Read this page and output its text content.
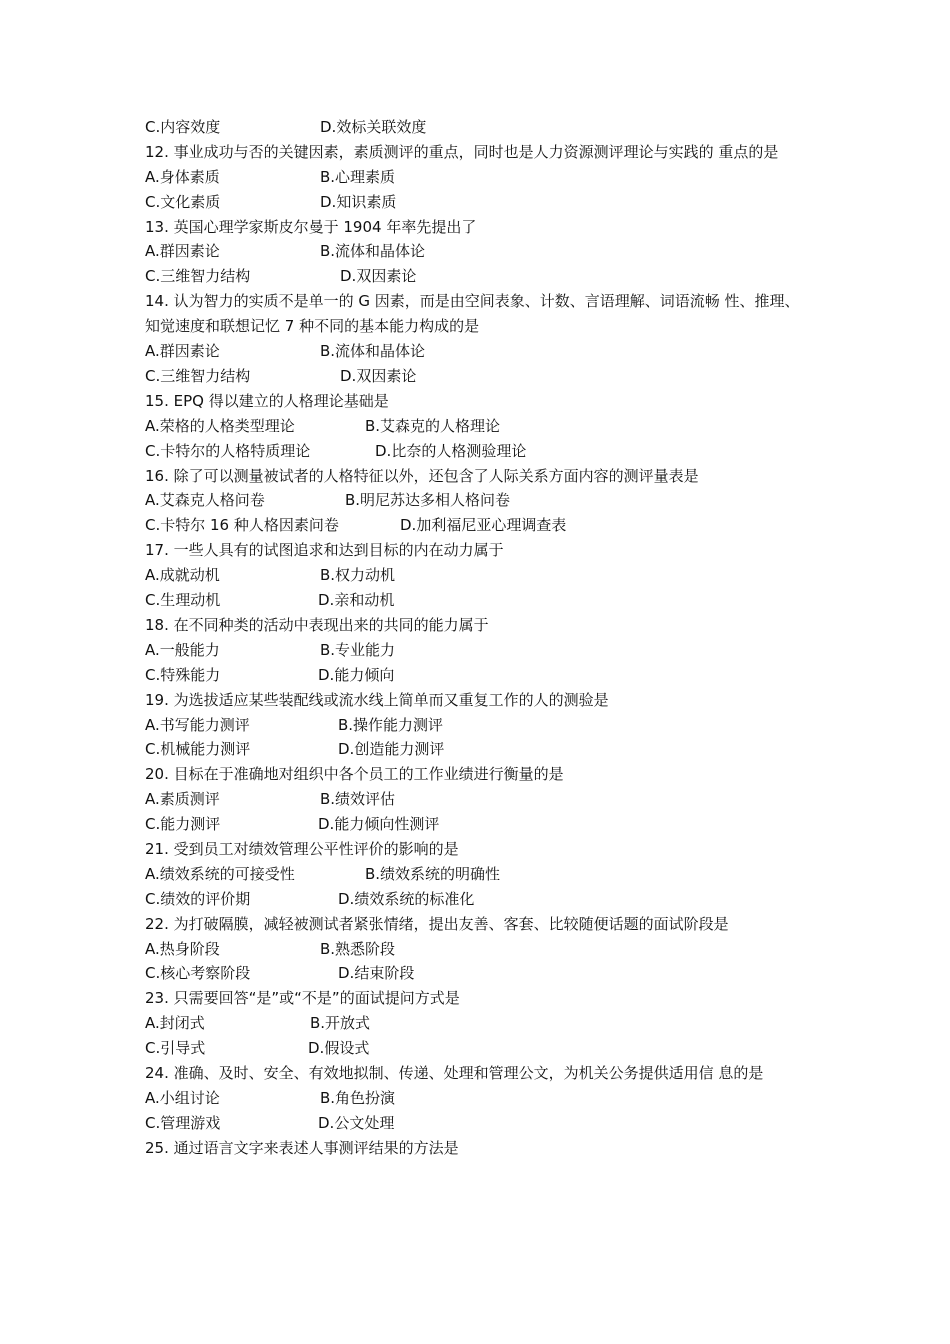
C.内容效度	D.效标关联效度
12. 事业成功与否的关键因素，素质测评的重点，同时也是人力资源测评理论与实践的 重点的是
A.身体素质	B.心理素质
C.文化素质	D.知识素质
13. 英国心理学家斯皮尔曼于 1904 年率先提出了
A.群因素论	B.流体和晶体论
C.三维智力结构	D.双因素论
14. 认为智力的实质不是单一的 G 因素，而是由空间表象、计数、言语理解、词语流畅 性、推理、知觉速度和联想记忆 7 种不同的基本能力构成的是
A.群因素论	B.流体和晶体论
C.三维智力结构	D.双因素论
15. EPQ 得以建立的人格理论基础是
A.荣格的人格类型理论	B.艾森克的人格理论
C.卡特尔的人格特质理论	D.比奈的人格测验理论
16. 除了可以测量被试者的人格特征以外，还包含了人际关系方面内容的测评量表是
A.艾森克人格问卷	B.明尼苏达多相人格问卷
C.卡特尔 16 种人格因素问卷	D.加利福尼亚心理调查表
17. 一些人具有的试图追求和达到目标的内在动力属于
A.成就动机	B.权力动机
C.生理动机	D.亲和动机
18. 在不同种类的活动中表现出来的共同的能力属于
A.一般能力	B.专业能力
C.特殊能力	D.能力倾向
19. 为选拔适应某些装配线或流水线上简单而又重复工作的人的测验是
A.书写能力测评	B.操作能力测评
C.机械能力测评	D.创造能力测评
20. 目标在于准确地对组织中各个员工的工作业绩进行衡量的是
A.素质测评	B.绩效评估
C.能力测评	D.能力倾向性测评
21. 受到员工对绩效管理公平性评价的影响的是
A.绩效系统的可接受性	B.绩效系统的明确性
C.绩效的评价期	D.绩效系统的标准化
22. 为打破隔膜，减轻被测试者紧张情绪，提出友善、客套、比较随便话题的面试阶段是
A.热身阶段	B.熟悉阶段
C.核心考察阶段	D.结束阶段
23. 只需要回答“是”或“不是”的面试提问方式是
A.封闭式	B.开放式
C.引导式	D.假设式
24. 准确、及时、安全、有效地拟制、传递、处理和管理公文，为机关公务提供适用信 息的是
A.小组讨论	B.角色扮演
C.管理游戏	D.公文处理
25. 通过语言文字来表述人事测评结果的方法是
